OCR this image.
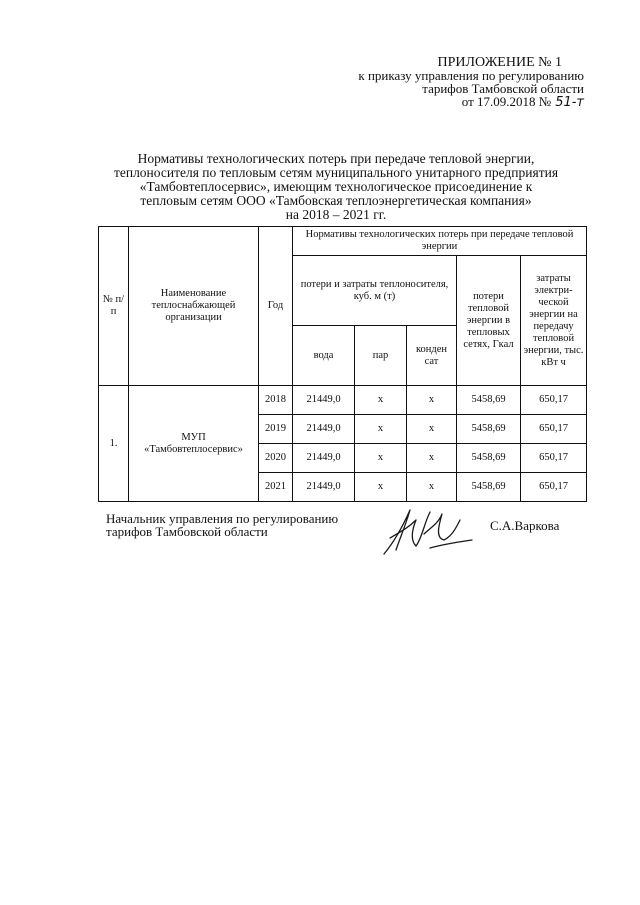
ПРИЛОЖЕНИЕ № 1
к приказу управления по регулированию
тарифов Тамбовской области
от 17.09.2018 № 51-т
Нормативы технологических потерь при передаче тепловой энергии,
теплоносителя по тепловым сетям муниципального унитарного предприятия
«Тамбовтеплосервис», имеющим технологическое присоединение к
тепловым сетям ООО «Тамбовская теплоэнергетическая компания»
на 2018 – 2021 гг.
№ п/п	Наименование теплоснабжающей организации	Год	Нормативы технологических потерь при передаче тепловой энергии				
			потери и затраты теплоносителя, куб. м (т)			потери тепловой энергии в тепловых сетях, Гкал	затраты электри-ческой энергии на передачу тепловой энергии, тыс. кВт ч
			вода	пар	конден сат		
1.	МУП «Тамбовтеплосервис»	2018	21449,0	х	х	5458,69	650,17
		2019	21449,0	х	х	5458,69	650,17
		2020	21449,0	х	х	5458,69	650,17
		2021	21449,0	х	х	5458,69	650,17
Начальник управления по регулированию
тарифов Тамбовской области	С.А.Варкова
